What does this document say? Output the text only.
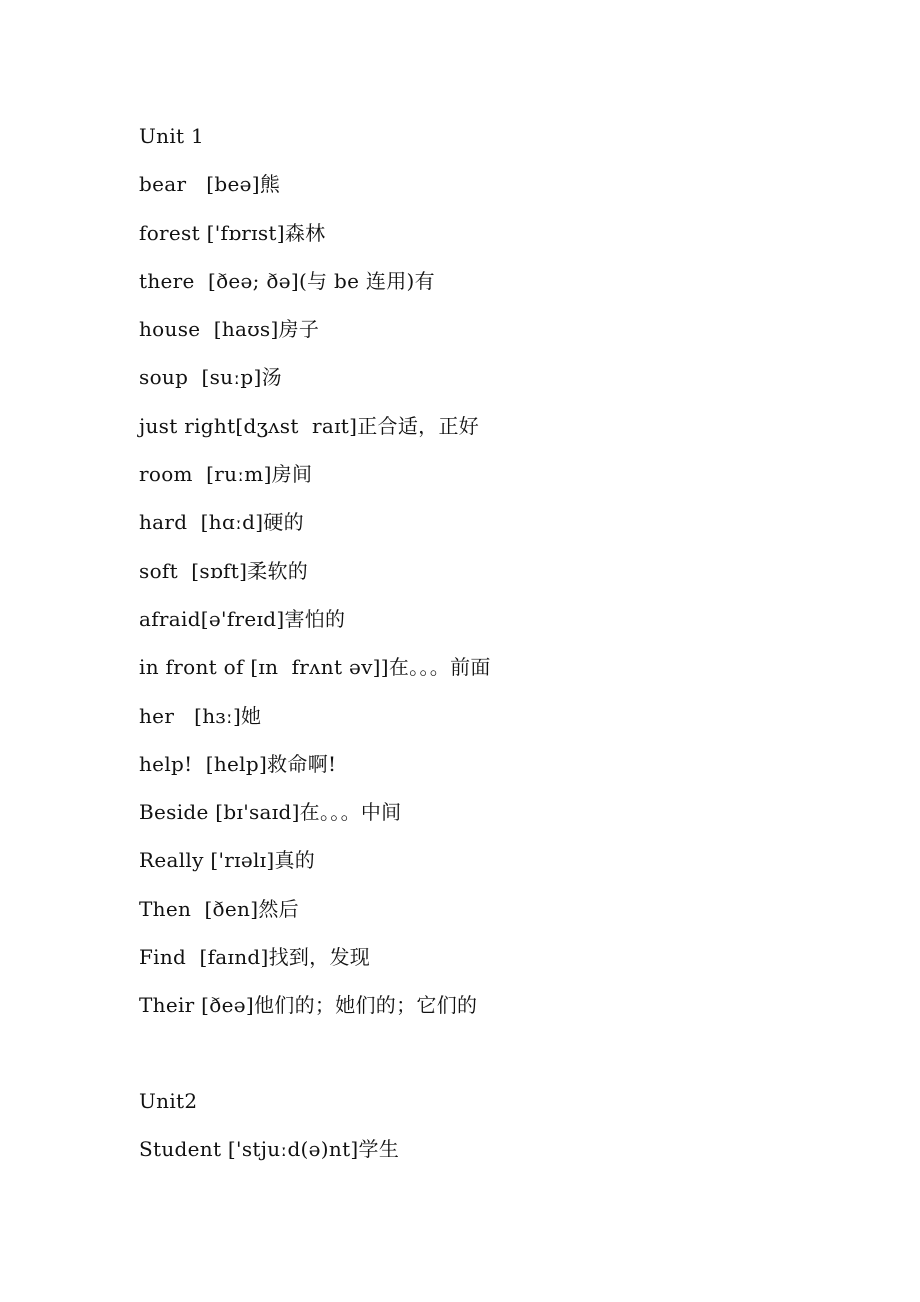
Unit 1
bear   [beə]熊
forest ['fɒrɪst]森林
there  [ðeə; ðə](与 be 连用)有
house  [haʊs]房子
soup  [suːp]汤
just right[dʒʌst  raɪt]正合适，正好
room  [ruːm]房间
hard  [hɑːd]硬的
soft  [sɒft]柔软的
afraid[ə'freɪd]害怕的
in front of [ɪn  frʌnt əv]]在。。。前面
her   [hɜː]她
help!  [help]救命啊!
Beside [bɪ'saɪd]在。。。中间
Really ['rɪəlɪ]真的
Then  [ðen]然后
Find  [faɪnd]找到，发现
Their [ðeə]他们的；她们的；它们的
Unit2
Student ['stjuːd(ə)nt]学生
